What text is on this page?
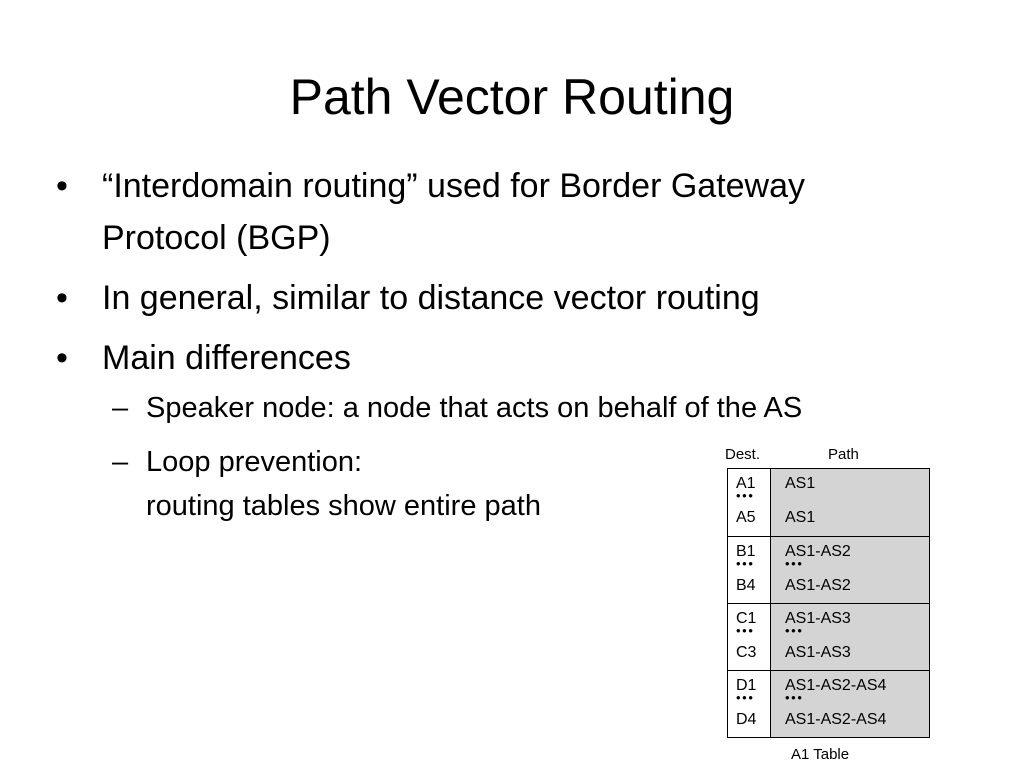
Path Vector Routing
• “Interdomain routing” used for Border Gateway
Protocol (BGP)
• In general, similar to distance vector routing
• Main differences
– Speaker node: a node that acts on behalf of the AS
– Loop prevention:
routing tables show entire path
Dest.	Path
A1
• • •
A5
AS1
AS1
B1
• • •
B4
AS1-AS2
• • •
AS1-AS2
C1
• • •
C3
AS1-AS3
• • •
AS1-AS3
D1
• • •
D4
AS1-AS2-AS4
• • •
AS1-AS2-AS4
A1 Table
